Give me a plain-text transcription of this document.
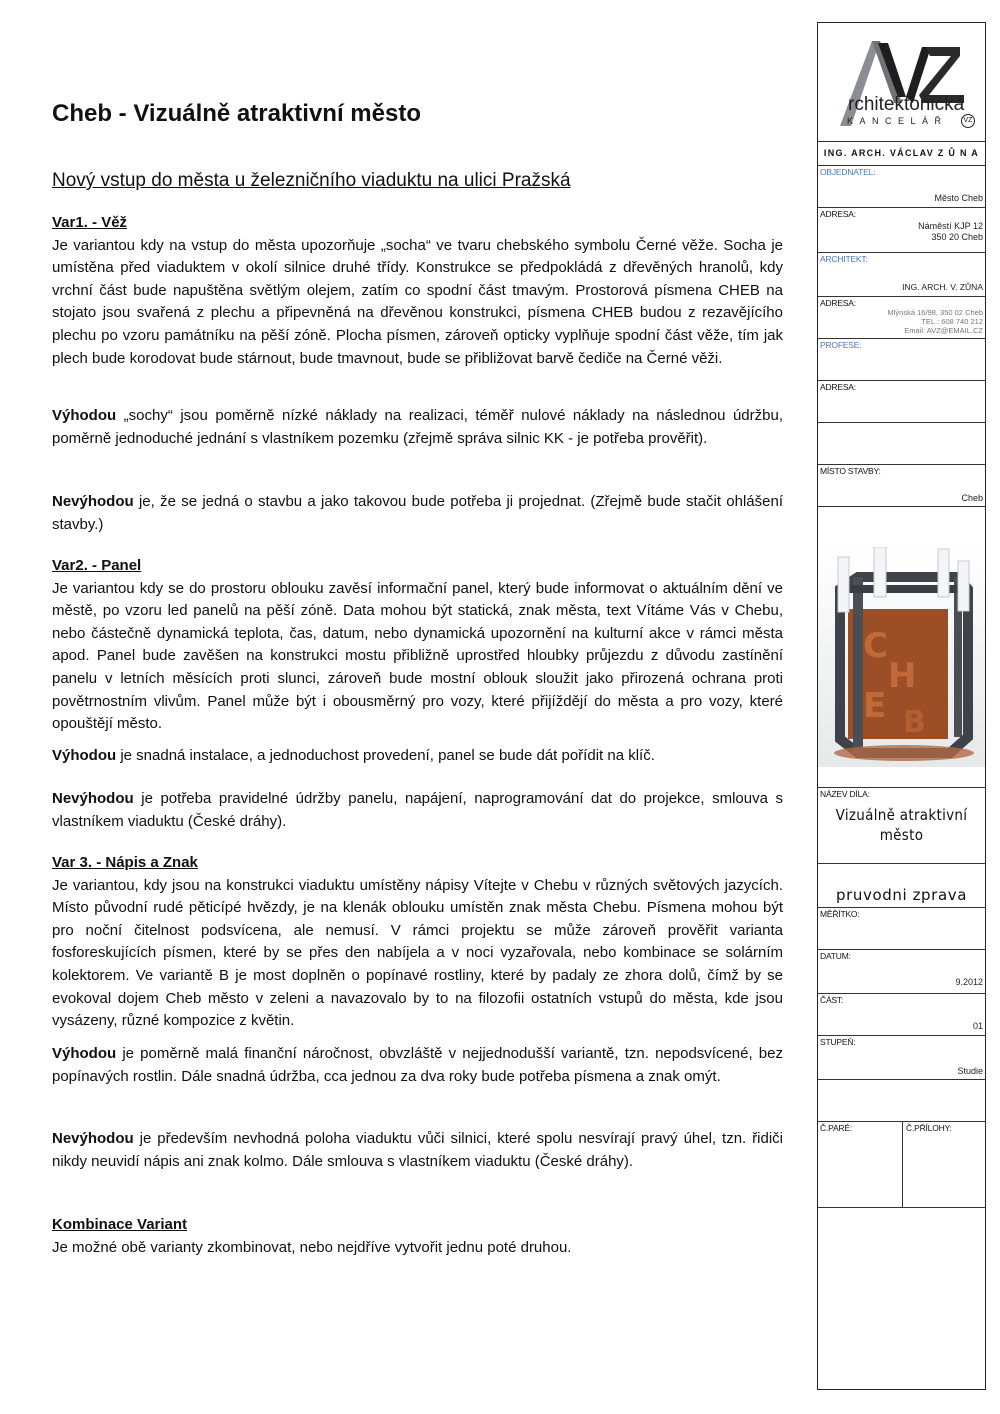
Cheb - Vizuálně atraktivní město
Nový vstup do města u železničního viaduktu na ulici Pražská
Var1. - Věž

Je variantou kdy na vstup do města upozorňuje „socha“ ve tvaru chebského symbolu Černé věže. Socha je umístěna před viaduktem v okolí silnice druhé třídy. Konstrukce se předpokládá z dřevěných hranolů, kdy vrchní část bude napuštěna světlým olejem, zatím co spodní část tmavým. Prostorová písmena CHEB na stojato jsou svařená z plechu a připevněná na dřevěnou konstrukci, písmena CHEB budou z rezavějícího plechu po vzoru památníku na pěší zóně. Plocha písmen, zároveň opticky vyplňuje spodní část věže, tím jak plech bude korodovat bude stárnout, bude tmavnout, bude se přibližovat barvě čediče na Černé věži.

Výhodou „sochy“ jsou poměrně nízké náklady na realizaci, téměř nulové náklady na následnou údržbu, poměrně jednoduché jednání s vlastníkem pozemku (zřejmě správa silnic KK - je potřeba prověřit).

Nevýhodou je, že se jedná o stavbu a jako takovou bude potřeba ji projednat. (Zřejmě bude stačit ohlášení stavby.)

Var2. - Panel

Je variantou kdy se do prostoru oblouku zavěsí informační panel, který bude informovat o aktuálním dění ve městě, po vzoru led panelů na pěší zóně. Data mohou být statická, znak města, text Vítáme Vás v Chebu, nebo částečně dynamická teplota, čas, datum, nebo dynamická upozornění na kulturní akce v rámci města apod. Panel bude zavěšen na konstrukci mostu přibližně uprostřed hloubky průjezdu z důvodu zastínění panelu v letních měsících proti slunci, zároveň bude mostní oblouk sloužit jako přirozená ochrana proti povětrnostním vlivům. Panel může být i obousměrný pro vozy, které přijíždějí do města a pro vozy, které opouštějí město.

Výhodou je snadná instalace, a jednoduchost provedení, panel se bude dát pořídit na klíč.

Nevýhodou je potřeba pravidelné údržby panelu, napájení, naprogramování dat do projekce, smlouva s vlastníkem viaduktu (České dráhy).

Var 3. - Nápis a Znak

Je variantou, kdy jsou na konstrukci viaduktu umístěny nápisy Vítejte v Chebu v různých světových jazycích. Místo původní rudé pěticípé hvězdy, je na klenák oblouku umístěn znak města Chebu. Písmena mohou být pro noční čitelnost podsvícena, ale nemusí. V rámci projektu se může zároveň prověřit varianta fosforeskujících písmen, které by se přes den nabíjela a v noci vyzařovala, nebo kombinace se solárním kolektorem. Ve variantě B je most doplněn o popínavé rostliny, které by padaly ze zhora dolů, čímž by se evokoval dojem Cheb město v zeleni a navazovalo by to na filozofii ostatních vstupů do města, kde jsou vysázeny, různé kompozice z květin.

Výhodou je poměrně malá finanční náročnost, obvzláště v nejjednodušší variantě, tzn. nepodsvícené, bez popínavých rostlin. Dále snadná údržba, cca jednou za dva roky bude potřeba písmena a znak omýt.

Nevýhodou je především nevhodná poloha viaduktu vůči silnici, které spolu nesvírají pravý úhel, tzn. řidiči nikdy neuvidí nápis ani znak kolmo. Dále smlouva s vlastníkem viaduktu (České dráhy).

Kombinace Variant

Je možné obě varianty zkombinovat, nebo nejdříve vytvořit jednu poté druhou.

rchitektonická
KANCELÁŘ	VZ
ING. ARCH. VÁCLAV Z Ů N A
OBJEDNATEL:
Město Cheb
ADRESA:
Náměstí KJP 12
350 20 Cheb
ARCHITEKT:
ING. ARCH. V. ZŮNA
ADRESA:
Mlýnská 16/98, 350 02 Cheb
TEL.: 608 740 212
Email: AVZ@EMAIL.CZ
PROFESE:
ADRESA:
MÍSTO STAVBY:
Cheb
C
H
E B
NÁZEV DÍLA:
Vizuálně atraktivní
město
pruvodni zprava
MĚŘÍTKO:
DATUM:
9.2012
ČÁST:
01
STUPEŇ:
Studie
Č.PARÉ:	Č.PŘÍLOHY:
